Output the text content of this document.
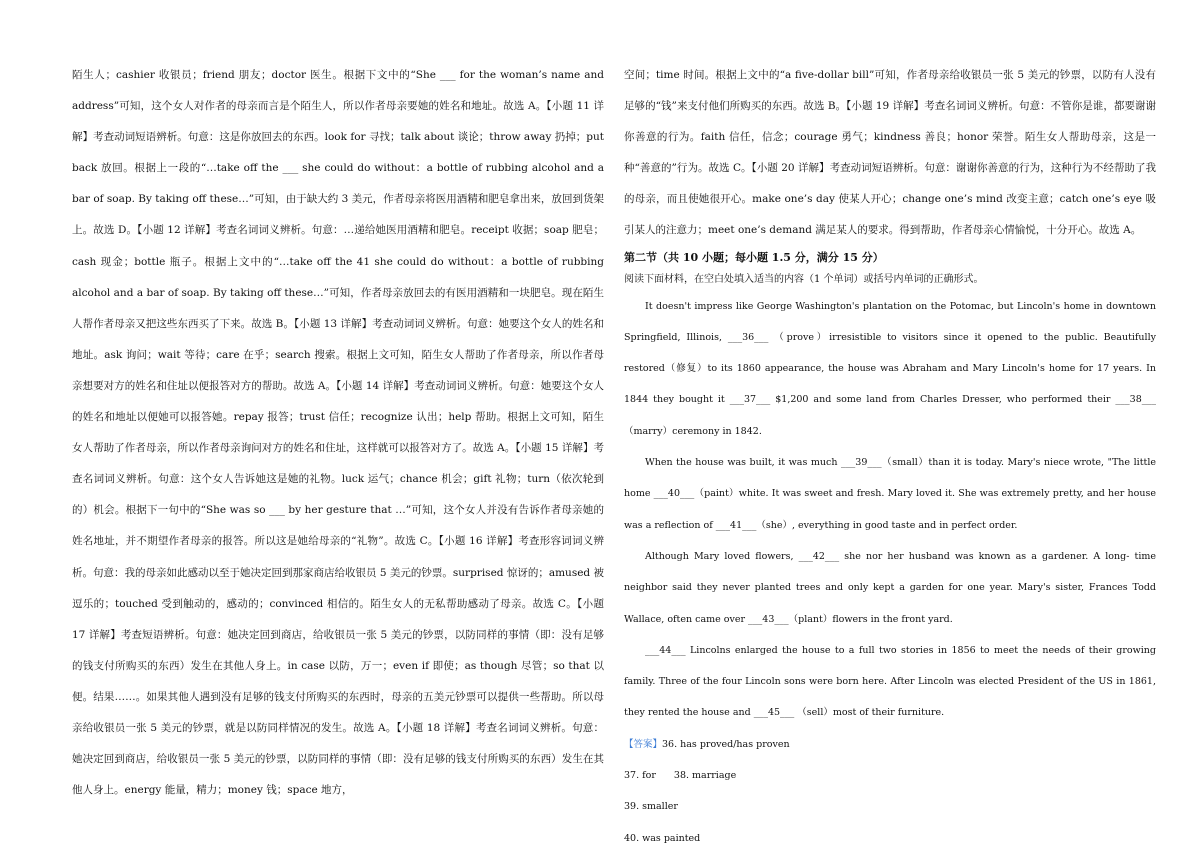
陌生人；cashier 收银员；friend 朋友；doctor 医生。根据下文中的“She ___ for the woman’s name and address”可知，这个女人对作者的母亲而言是个陌生人，所以作者母亲要她的姓名和地址。故选 A。【小题 11 详解】考查动词短语辨析。句意：这是你放回去的东西。look for 寻找；talk about 谈论；throw away 扔掉；put back 放回。根据上一段的“…take off the ___ she could do without：a bottle of rubbing alcohol and a bar of soap. By taking off these…”可知，由于缺大约 3 美元，作者母亲将医用酒精和肥皂拿出来，放回到货架上。故选 D。【小题 12 详解】考查名词词义辨析。句意：…递给她医用酒精和肥皂。receipt 收据；soap 肥皂；cash 现金；bottle 瓶子。根据上文中的“…take off the 41 she could do without：a bottle of rubbing alcohol and a bar of soap. By taking off these…”可知，作者母亲放回去的有医用酒精和一块肥皂。现在陌生人帮作者母亲又把这些东西买了下来。故选 B。【小题 13 详解】考查动词词义辨析。句意：她要这个女人的姓名和地址。ask 询问；wait 等待；care 在乎；search 搜索。根据上文可知，陌生女人帮助了作者母亲，所以作者母亲想要对方的姓名和住址以便报答对方的帮助。故选 A。【小题 14 详解】考查动词词义辨析。句意：她要这个女人的姓名和地址以便她可以报答她。repay 报答；trust 信任；recognize 认出；help 帮助。根据上文可知，陌生女人帮助了作者母亲，所以作者母亲询问对方的姓名和住址，这样就可以报答对方了。故选 A。【小题 15 详解】考查名词词义辨析。句意：这个女人告诉她这是她的礼物。luck 运气；chance 机会；gift 礼物；turn（依次轮到的）机会。根据下一句中的“She was so ___ by her gesture that …”可知，这个女人并没有告诉作者母亲她的姓名地址，并不期望作者母亲的报答。所以这是她给母亲的“礼物”。故选 C。【小题 16 详解】考查形容词词义辨析。句意：我的母亲如此感动以至于她决定回到那家商店给收银员 5 美元的钞票。surprised 惊讶的；amused 被逗乐的；touched 受到触动的，感动的；convinced 相信的。陌生女人的无私帮助感动了母亲。故选 C。【小题 17 详解】考查短语辨析。句意：她决定回到商店，给收银员一张 5 美元的钞票，以防同样的事情（即：没有足够的钱支付所购买的东西）发生在其他人身上。in case 以防，万一；even if 即使；as though 尽管；so that 以便。结果……。如果其他人遇到没有足够的钱支付所购买的东西时，母亲的五美元钞票可以提供一些帮助。所以母亲给收银员一张 5 美元的钞票，就是以防同样情况的发生。故选 A。【小题 18 详解】考查名词词义辨析。句意：她决定回到商店，给收银员一张 5 美元的钞票，以防同样的事情（即：没有足够的钱支付所购买的东西）发生在其他人身上。energy 能量，精力；money 钱；space 地方，

空间；time 时间。根据上文中的“a five-dollar bill”可知，作者母亲给收银员一张 5 美元的钞票，以防有人没有足够的“钱”来支付他们所购买的东西。故选 B。【小题 19 详解】考查名词词义辨析。句意：不管你是谁，都要谢谢你善意的行为。faith 信任，信念；courage 勇气；kindness 善良；honor 荣誉。陌生女人帮助母亲，这是一种“善意的”行为。故选 C。【小题 20 详解】考查动词短语辨析。句意：谢谢你善意的行为，这种行为不经帮助了我的母亲，而且使她很开心。make one’s day 使某人开心；change one’s mind 改变主意；catch one’s eye 吸引某人的注意力；meet one’s demand 满足某人的要求。得到帮助，作者母亲心情愉悦，十分开心。故选 A。

第二节（共 10 小题；每小题 1.5 分，满分 15 分）

阅读下面材料，在空白处填入适当的内容（1 个单词）或括号内单词的正确形式。

It doesn't impress like George Washington's plantation on the Potomac, but Lincoln's home in downtown Springfield, Illinois, ___36___ （prove）irresistible to visitors since it opened to the public. Beautifully restored（修复）to its 1860 appearance, the house was Abraham and Mary Lincoln's home for 17 years. In 1844 they bought it ___37___ $1,200 and some land from Charles Dresser, who performed their ___38___ （marry）ceremony in 1842.

When the house was built, it was much ___39___（small）than it is today. Mary's niece wrote, "The little home ___40___（paint）white. It was sweet and fresh. Mary loved it. She was extremely pretty, and her house was a reflection of ___41___（she）, everything in good taste and in perfect order.

Although Mary loved flowers, ___42___ she nor her husband was known as a gardener. A long- time neighbor said they never planted trees and only kept a garden for one year. Mary's sister, Frances Todd Wallace, often came over ___43___（plant）flowers in the front yard.

___44___ Lincolns enlarged the house to a full two stories in 1856 to meet the needs of their growing family. Three of the four Lincoln sons were born here. After Lincoln was elected President of the US in 1861, they rented the house and ___45___ （sell）most of their furniture.

【答案】36. has proved/has proven

37. for 38. marriage

39. smaller

40. was painted
